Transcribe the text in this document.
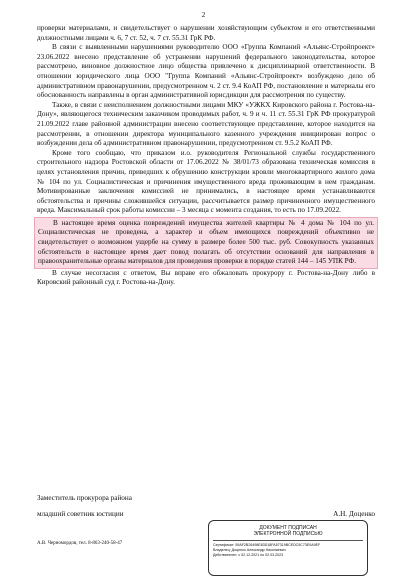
2

проверки материалами, и свидетельствует о нарушении хозяйствующим субъектом и его ответственными должностными лицами ч. 6, 7 ст. 52, ч. 7 ст. 55.31 ГрК РФ.

В связи с выявленными нарушениями руководителю ООО «Группа Компаний «Альянс-Стройпроект» 23.06.2022 внесено представление об устранении нарушений федерального законодательства, которое рассмотрено, виновное должностное лицо общества привлечено к дисциплинарной ответственности. В отношении юридического лица ООО "Группа Компаний «Альянс-Стройпроект» возбуждено дело об административном правонарушении, предусмотренном ч. 2 ст. 9.4 КоАП РФ, постановление и материалы его обоснованность направлены в орган административной юрисдикции для рассмотрения по существу.

Также, в связи с неисполнением должностными лицами МКУ «УЖКХ Кировского района г. Ростова-на-Дону», являющегося техническим заказчиком проводимых работ, ч. 9 и ч. 11 ст. 55.31 ГрК РФ прокуратурой 21.09.2022 главе районной администрации внесено соответствующее представление, которое находится на рассмотрении, в отношении директора муниципального казенного учреждения инициирован вопрос о возбуждении дела об административном правонарушении, предусмотренном ст. 9.5.2 КоАП РФ.

Кроме того сообщаю, что приказом и.о. руководителя Региональной службы государственного строительного надзора Ростовской области от 17.06.2022 № 38/01/73 образована техническая комиссия в целях установления причин, приведших к обрушению конструкции кровли многоквартирного жилого дома № 104 по ул. Социалистическая и причинения имущественного вреда проживающим в нем гражданам. Мотивированные заключения комиссией не принимались, в настоящее время устанавливаются обстоятельства и причины сложившейся ситуации, рассчитывается размер причиненного имущественного вреда. Максимальный срок работы комиссии – 3 месяца с момента создания, то есть по 17.09.2022.

В настоящее время оценка повреждений имущества жителей квартиры № 4 дома № 104 по ул. Социалистическая не проведена, а характер и объем имеющихся повреждений объективно не свидетельствует о возможном ущербе на сумму в размере более 500 тыс. руб. Совокупность указанных обстоятельств в настоящее время дает повод полагать об отсутствии оснований для направления в правоохранительные органы материалов для проведения проверки в порядке статей 144 – 145 УПК РФ.

В случае несогласия с ответом, Вы вправе его обжаловать прокурору г. Ростова-на-Дону либо в Кировский районный суд г. Ростова-на-Дону.

Заместитель прокурора района
младший советник юстиции	А.Н. Доценко
А.В. Черномордов, тел. 8-863-240-58-47
ДОКУМЕНТ ПОДПИСАН
ЭЛЕКТРОННОЙ ПОДПИСЬЮ
Сертификат: 59AF2B26498E83D18FA57319BCEDC5C73E0A9EF
Владелец: Доценко Александр Николаевич
Действителен: с 02.12.2021 по 02.03.2023
